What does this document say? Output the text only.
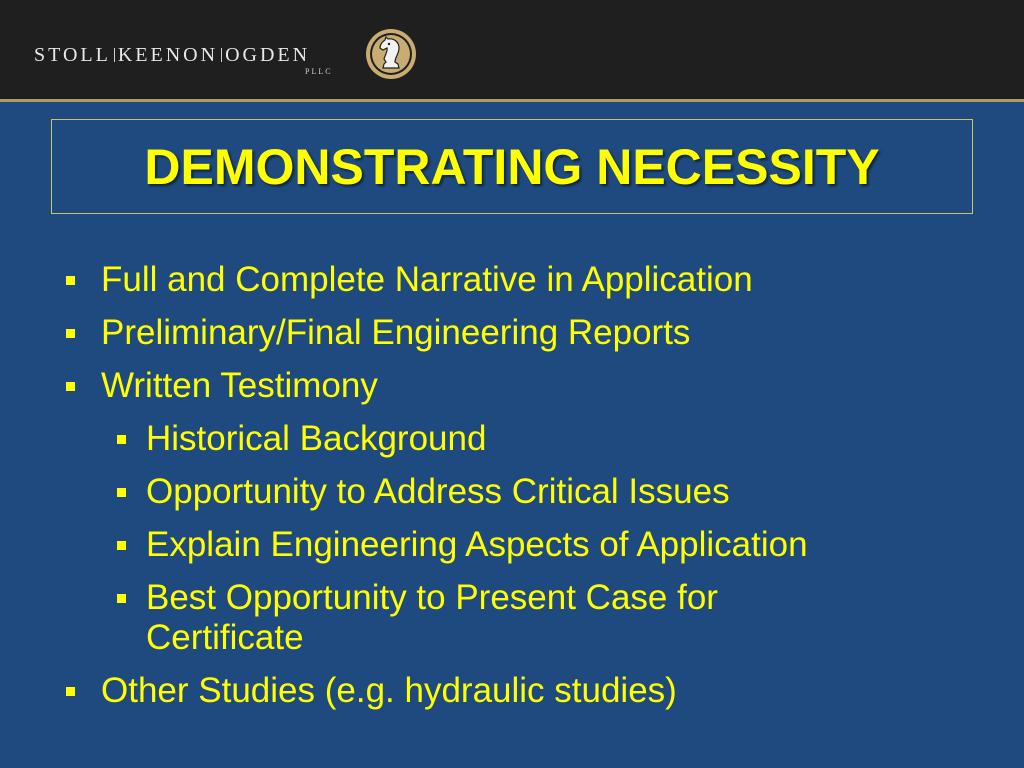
STOLL KEENON OGDEN
PLLC
DEMONSTRATING NECESSITY
Full and Complete Narrative in Application
Preliminary/Final Engineering Reports
Written Testimony
Historical Background
Opportunity to Address Critical Issues
Explain Engineering Aspects of Application
Best Opportunity to Present Case for Certificate
Other Studies (e.g. hydraulic studies)
